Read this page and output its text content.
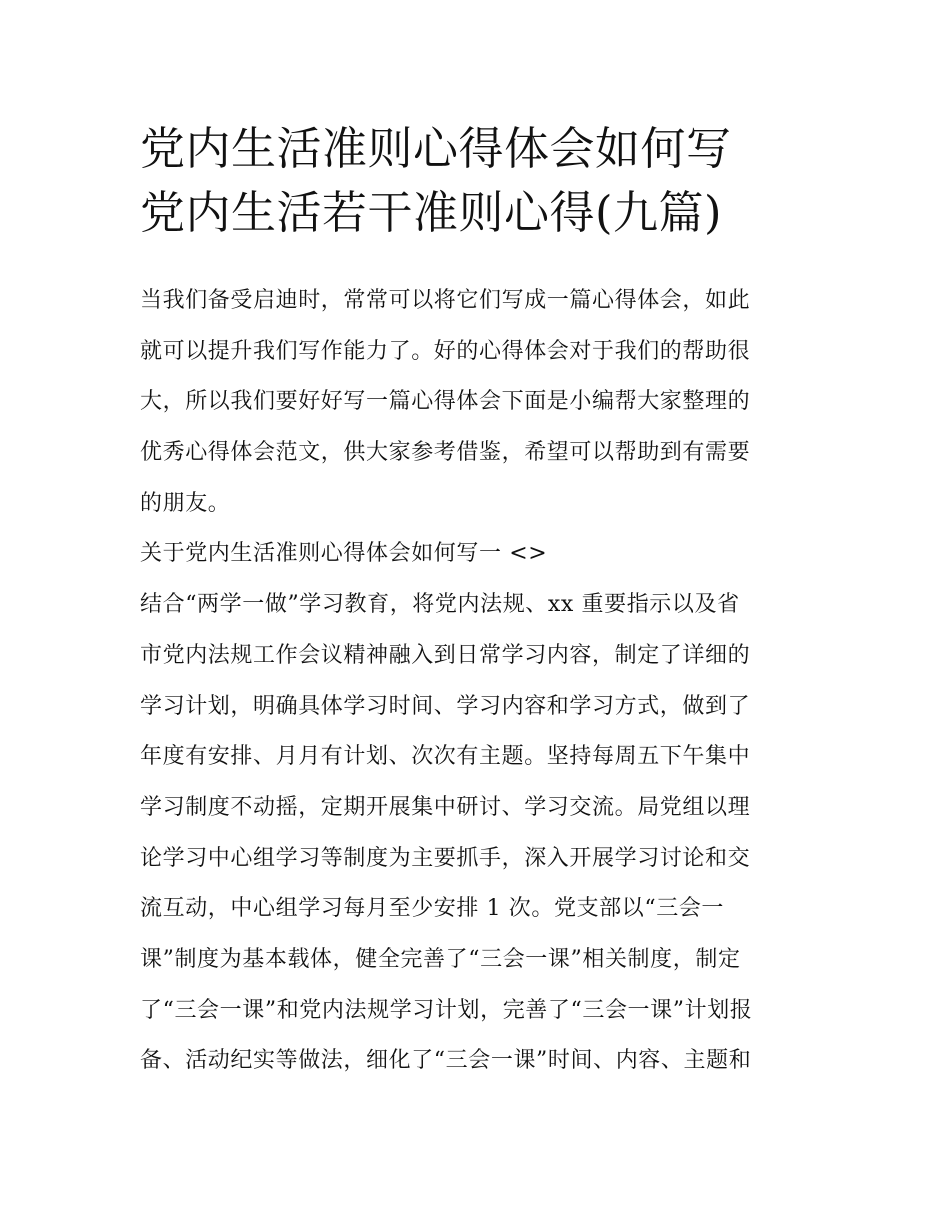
党内生活准则心得体会如何写
党内生活若干准则心得(九篇)
当我们备受启迪时，常常可以将它们写成一篇心得体会，如此
就可以提升我们写作能力了。好的心得体会对于我们的帮助很
大，所以我们要好好写一篇心得体会下面是小编帮大家整理的
优秀心得体会范文，供大家参考借鉴，希望可以帮助到有需要
的朋友。
关于党内生活准则心得体会如何写一 <>
结合“两学一做”学习教育，将党内法规、xx 重要指示以及省
市党内法规工作会议精神融入到日常学习内容，制定了详细的
学习计划，明确具体学习时间、学习内容和学习方式，做到了
年度有安排、月月有计划、次次有主题。坚持每周五下午集中
学习制度不动摇，定期开展集中研讨、学习交流。局党组以理
论学习中心组学习等制度为主要抓手，深入开展学习讨论和交
流互动，中心组学习每月至少安排 1 次。党支部以“三会一
课”制度为基本载体，健全完善了“三会一课”相关制度，制定
了“三会一课”和党内法规学习计划，完善了“三会一课”计划报
备、活动纪实等做法，细化了“三会一课”时间、内容、主题和
